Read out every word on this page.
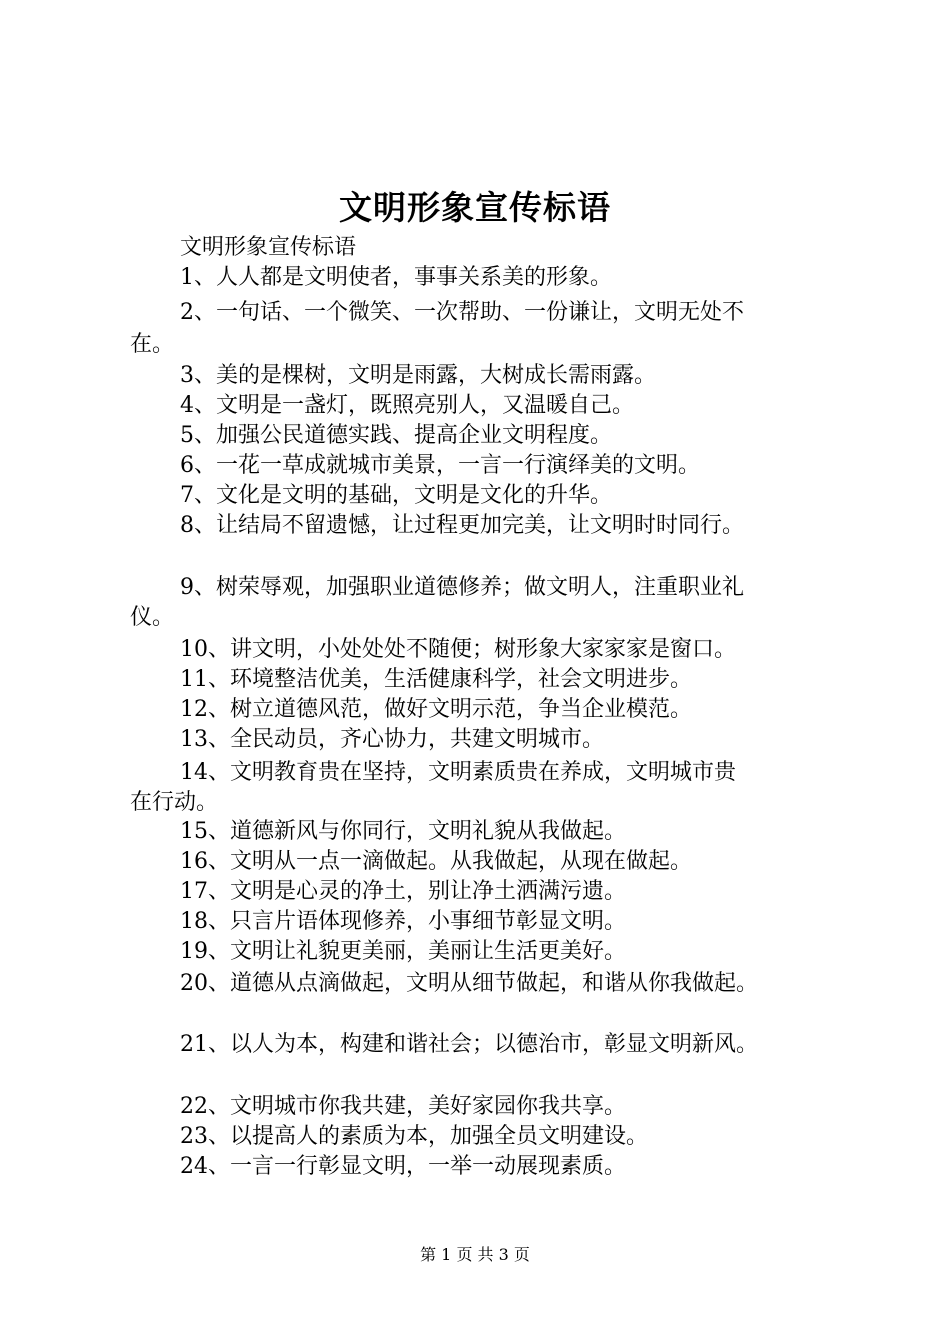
文明形象宣传标语
文明形象宣传标语
1、人人都是文明使者，事事关系美的形象。
2、一句话、一个微笑、一次帮助、一份谦让，文明无处不
在。
3、美的是棵树，文明是雨露，大树成长需雨露。
4、文明是一盏灯，既照亮别人，又温暖自己。
5、加强公民道德实践、提高企业文明程度。
6、一花一草成就城市美景，一言一行演绎美的文明。
7、文化是文明的基础，文明是文化的升华。
8、让结局不留遗憾，让过程更加完美，让文明时时同行。
9、树荣辱观，加强职业道德修养；做文明人，注重职业礼
仪。
10、讲文明，小处处处不随便；树形象大家家家是窗口。
11、环境整洁优美，生活健康科学，社会文明进步。
12、树立道德风范，做好文明示范，争当企业模范。
13、全民动员，齐心协力，共建文明城市。
14、文明教育贵在坚持，文明素质贵在养成，文明城市贵
在行动。
15、道德新风与你同行，文明礼貌从我做起。
16、文明从一点一滴做起。从我做起，从现在做起。
17、文明是心灵的净土，别让净土洒满污遗。
18、只言片语体现修养，小事细节彰显文明。
19、文明让礼貌更美丽，美丽让生活更美好。
20、道德从点滴做起，文明从细节做起，和谐从你我做起。
21、以人为本，构建和谐社会；以德治市，彰显文明新风。
22、文明城市你我共建，美好家园你我共享。
23、以提高人的素质为本，加强全员文明建设。
24、一言一行彰显文明，一举一动展现素质。
第 1 页 共 3 页
